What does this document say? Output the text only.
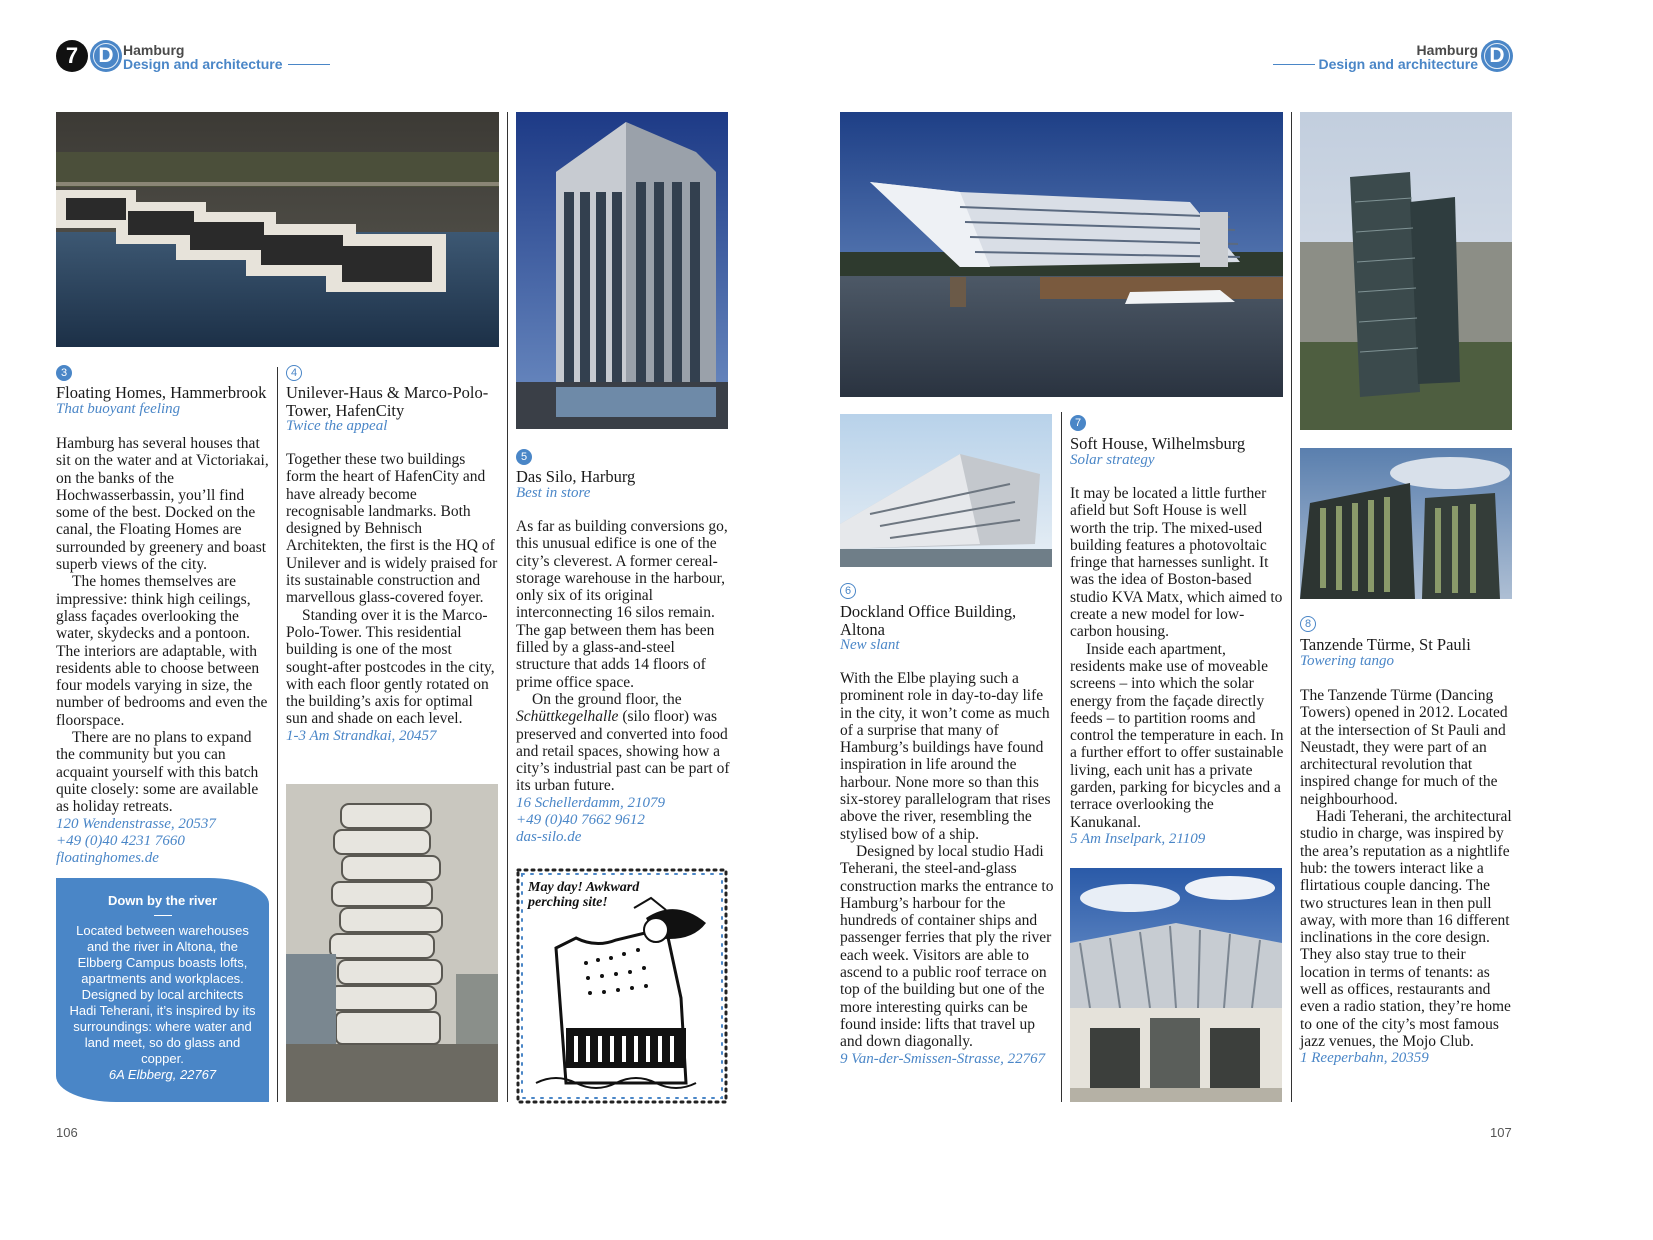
7 D Hamburg
Design and architecture
Hamburg
Design and architecture D
3
Floating Homes, Hammerbrook
That buoyant feeling

Hamburg has several houses that sit on the water and at Victoriakai, on the banks of the Hochwasserbassin, you’ll find some of the best. Docked on the canal, the Floating Homes are surrounded by greenery and boast superb views of the city.

The homes themselves are impressive: think high ceilings, glass façades overlooking the water, skydecks and a pontoon. The interiors are adaptable, with residents able to choose between four models varying in size, the number of bedrooms and even the floorspace.

There are no plans to expand the community but you can acquaint yourself with this batch quite closely: some are available as holiday retreats.

120 Wendenstrasse, 20537
+49 (0)40 4231 7660
floatinghomes.de
Down by the river
Located between warehouses and the river in Altona, the Elbberg Campus boasts lofts, apartments and workplaces. Designed by local architects Hadi Teherani, it’s inspired by its surroundings: where water and land meet, so do glass and copper.
6A Elbberg, 22767
4
Unilever-Haus & Marco-Polo-Tower, HafenCity
Twice the appeal

Together these two buildings form the heart of HafenCity and have already become recognisable landmarks. Both designed by Behnisch Architekten, the first is the HQ of Unilever and is widely praised for its sustainable construction and marvellous glass-covered foyer.

Standing over it is the Marco-Polo-Tower. This residential building is one of the most sought-after postcodes in the city, with each floor gently rotated on the building’s axis for optimal sun and shade on each level.

1-3 Am Strandkai, 20457
5
Das Silo, Harburg
Best in store

As far as building conversions go, this unusual edifice is one of the city’s cleverest. A former cereal-storage warehouse in the harbour, only six of its original interconnecting 16 silos remain. The gap between them has been filled by a glass-and-steel structure that adds 14 floors of prime office space.

On the ground floor, the Schüttkegelhalle (silo floor) was preserved and converted into food and retail spaces, showing how a city’s industrial past can be part of its urban future.

16 Schellerdamm, 21079
+49 (0)40 7662 9612
das-silo.de
May day! Awkward perching site!
6
Dockland Office Building, Altona
New slant

With the Elbe playing such a prominent role in day-to-day life in the city, it won’t come as much of a surprise that many of Hamburg’s buildings have found inspiration in life around the harbour. None more so than this six-storey parallelogram that rises above the river, resembling the stylised bow of a ship.

Designed by local studio Hadi Teherani, the steel-and-glass construction marks the entrance to Hamburg’s harbour for the hundreds of container ships and passenger ferries that ply the river each week. Visitors are able to ascend to a public roof terrace on top of the building but one of the more interesting quirks can be found inside: lifts that travel up and down diagonally.

9 Van-der-Smissen-Strasse, 22767
7
Soft House, Wilhelmsburg
Solar strategy

It may be located a little further afield but Soft House is well worth the trip. The mixed-used building features a photovoltaic fringe that harnesses sunlight. It was the idea of Boston-based studio KVA Matx, which aimed to create a new model for low-carbon housing.

Inside each apartment, residents make use of moveable screens – into which the solar energy from the façade directly feeds – to partition rooms and control the temperature in each. In a further effort to offer sustainable living, each unit has a private garden, parking for bicycles and a terrace overlooking the Kanukanal.

5 Am Inselpark, 21109
8
Tanzende Türme, St Pauli
Towering tango

The Tanzende Türme (Dancing Towers) opened in 2012. Located at the intersection of St Pauli and Neustadt, they were part of an architectural revolution that inspired change for much of the neighbourhood.

Hadi Teherani, the architectural studio in charge, was inspired by the area’s reputation as a nightlife hub: the towers interact like a flirtatious couple dancing. The two structures lean in then pull away, with more than 16 different inclinations in the core design. They also stay true to their location in terms of tenants: as well as offices, restaurants and even a radio station, they’re home to one of the city’s most famous jazz venues, the Mojo Club.

1 Reeperbahn, 20359
106	107
